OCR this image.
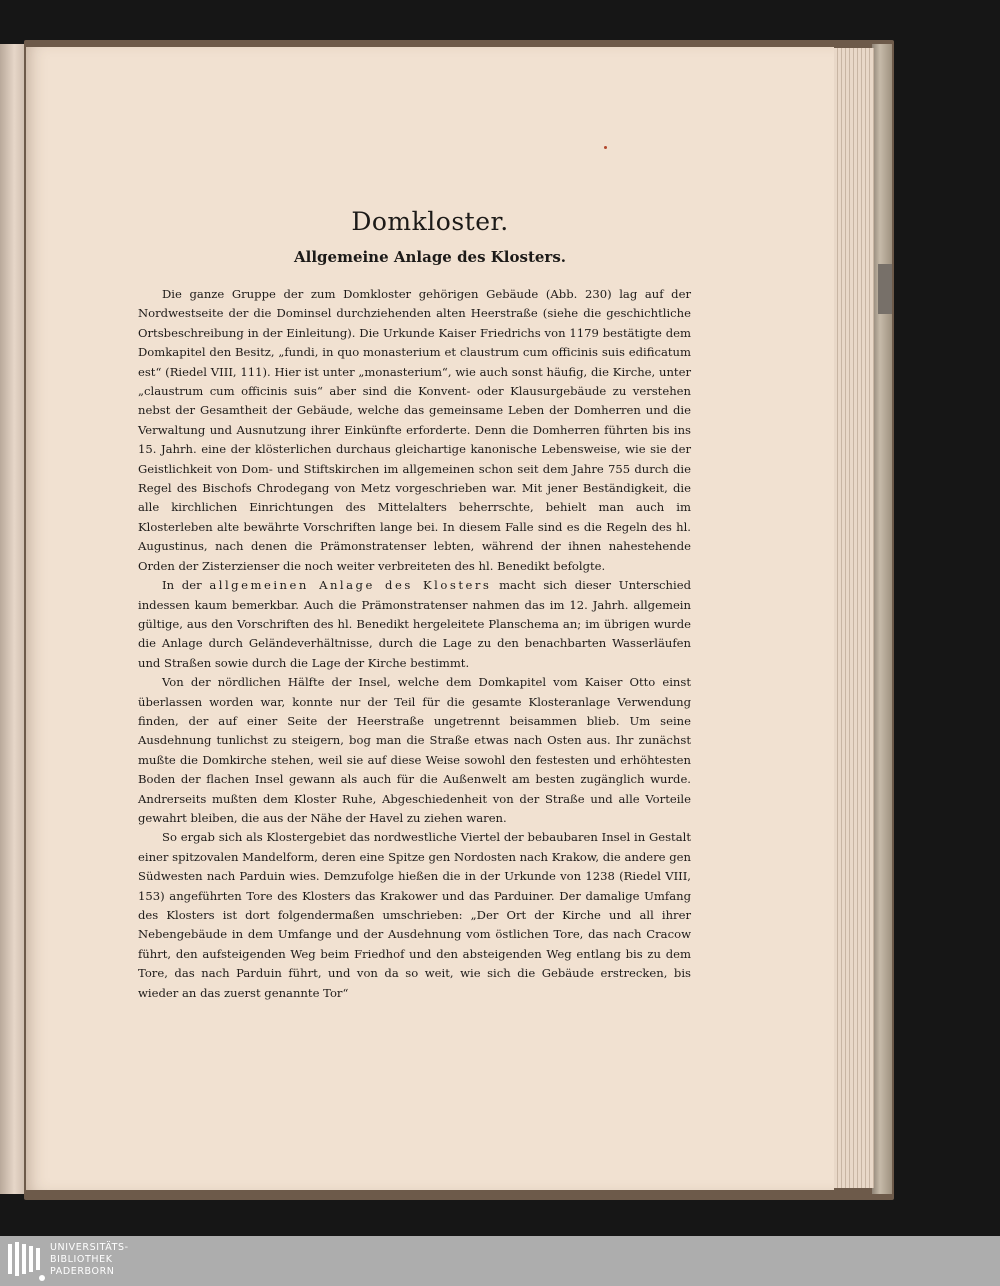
Domkloster.
Allgemeine Anlage des Klosters.

Die ganze Gruppe der zum Domkloster gehörigen Gebäude (Abb. 230) lag auf der Nordwestseite der die Dominsel durchziehenden alten Heerstraße (siehe die geschichtliche Ortsbeschreibung in der Einleitung). Die Urkunde Kaiser Friedrichs von 1179 bestätigte dem Domkapitel den Besitz, „fundi, in quo monasterium et claustrum cum officinis suis edificatum est“ (Riedel VIII, 111). Hier ist unter „monasterium“, wie auch sonst häufig, die Kirche, unter „claustrum cum officinis suis“ aber sind die Konvent- oder Klausurgebäude zu verstehen nebst der Gesamtheit der Gebäude, welche das gemeinsame Leben der Domherren und die Verwaltung und Ausnutzung ihrer Einkünfte erforderte. Denn die Domherren führten bis ins 15. Jahrh. eine der klösterlichen durchaus gleichartige kanonische Lebensweise, wie sie der Geistlichkeit von Dom- und Stiftskirchen im allgemeinen schon seit dem Jahre 755 durch die Regel des Bischofs Chrodegang von Metz vorgeschrieben war. Mit jener Beständigkeit, die alle kirchlichen Einrichtungen des Mittelalters beherrschte, behielt man auch im Klosterleben alte bewährte Vorschriften lange bei. In diesem Falle sind es die Regeln des hl. Augustinus, nach denen die Prämonstratenser lebten, während der ihnen nahestehende Orden der Zisterzienser die noch weiter verbreiteten des hl. Benedikt befolgte.

In der allgemeinen Anlage des Klosters macht sich dieser Unterschied indessen kaum bemerkbar. Auch die Prämonstratenser nahmen das im 12. Jahrh. allgemein gültige, aus den Vorschriften des hl. Benedikt hergeleitete Planschema an; im übrigen wurde die Anlage durch Geländeverhältnisse, durch die Lage zu den benachbarten Wasserläufen und Straßen sowie durch die Lage der Kirche bestimmt.

Von der nördlichen Hälfte der Insel, welche dem Domkapitel vom Kaiser Otto einst überlassen worden war, konnte nur der Teil für die gesamte Klosteranlage Verwendung finden, der auf einer Seite der Heerstraße ungetrennt beisammen blieb. Um seine Ausdehnung tunlichst zu steigern, bog man die Straße etwas nach Osten aus. Ihr zunächst mußte die Domkirche stehen, weil sie auf diese Weise sowohl den festesten und erhöhtesten Boden der flachen Insel gewann als auch für die Außenwelt am besten zugänglich wurde. Andrerseits mußten dem Kloster Ruhe, Abgeschiedenheit von der Straße und alle Vorteile gewahrt bleiben, die aus der Nähe der Havel zu ziehen waren.

So ergab sich als Klostergebiet das nordwestliche Viertel der bebaubaren Insel in Gestalt einer spitzovalen Mandelform, deren eine Spitze gen Nordosten nach Krakow, die andere gen Südwesten nach Parduin wies. Demzufolge hießen die in der Urkunde von 1238 (Riedel VIII, 153) angeführten Tore des Klosters das Krakower und das Parduiner. Der damalige Umfang des Klosters ist dort folgendermaßen umschrieben: „Der Ort der Kirche und all ihrer Nebengebäude in dem Umfange und der Ausdehnung vom östlichen Tore, das nach Cracow führt, den aufsteigenden Weg beim Friedhof und den absteigenden Weg entlang bis zu dem Tore, das nach Parduin führt, und von da so weit, wie sich die Gebäude erstrecken, bis wieder an das zuerst genannte Tor“

UNIVERSITÄTS-
BIBLIOTHEK
PADERBORN
